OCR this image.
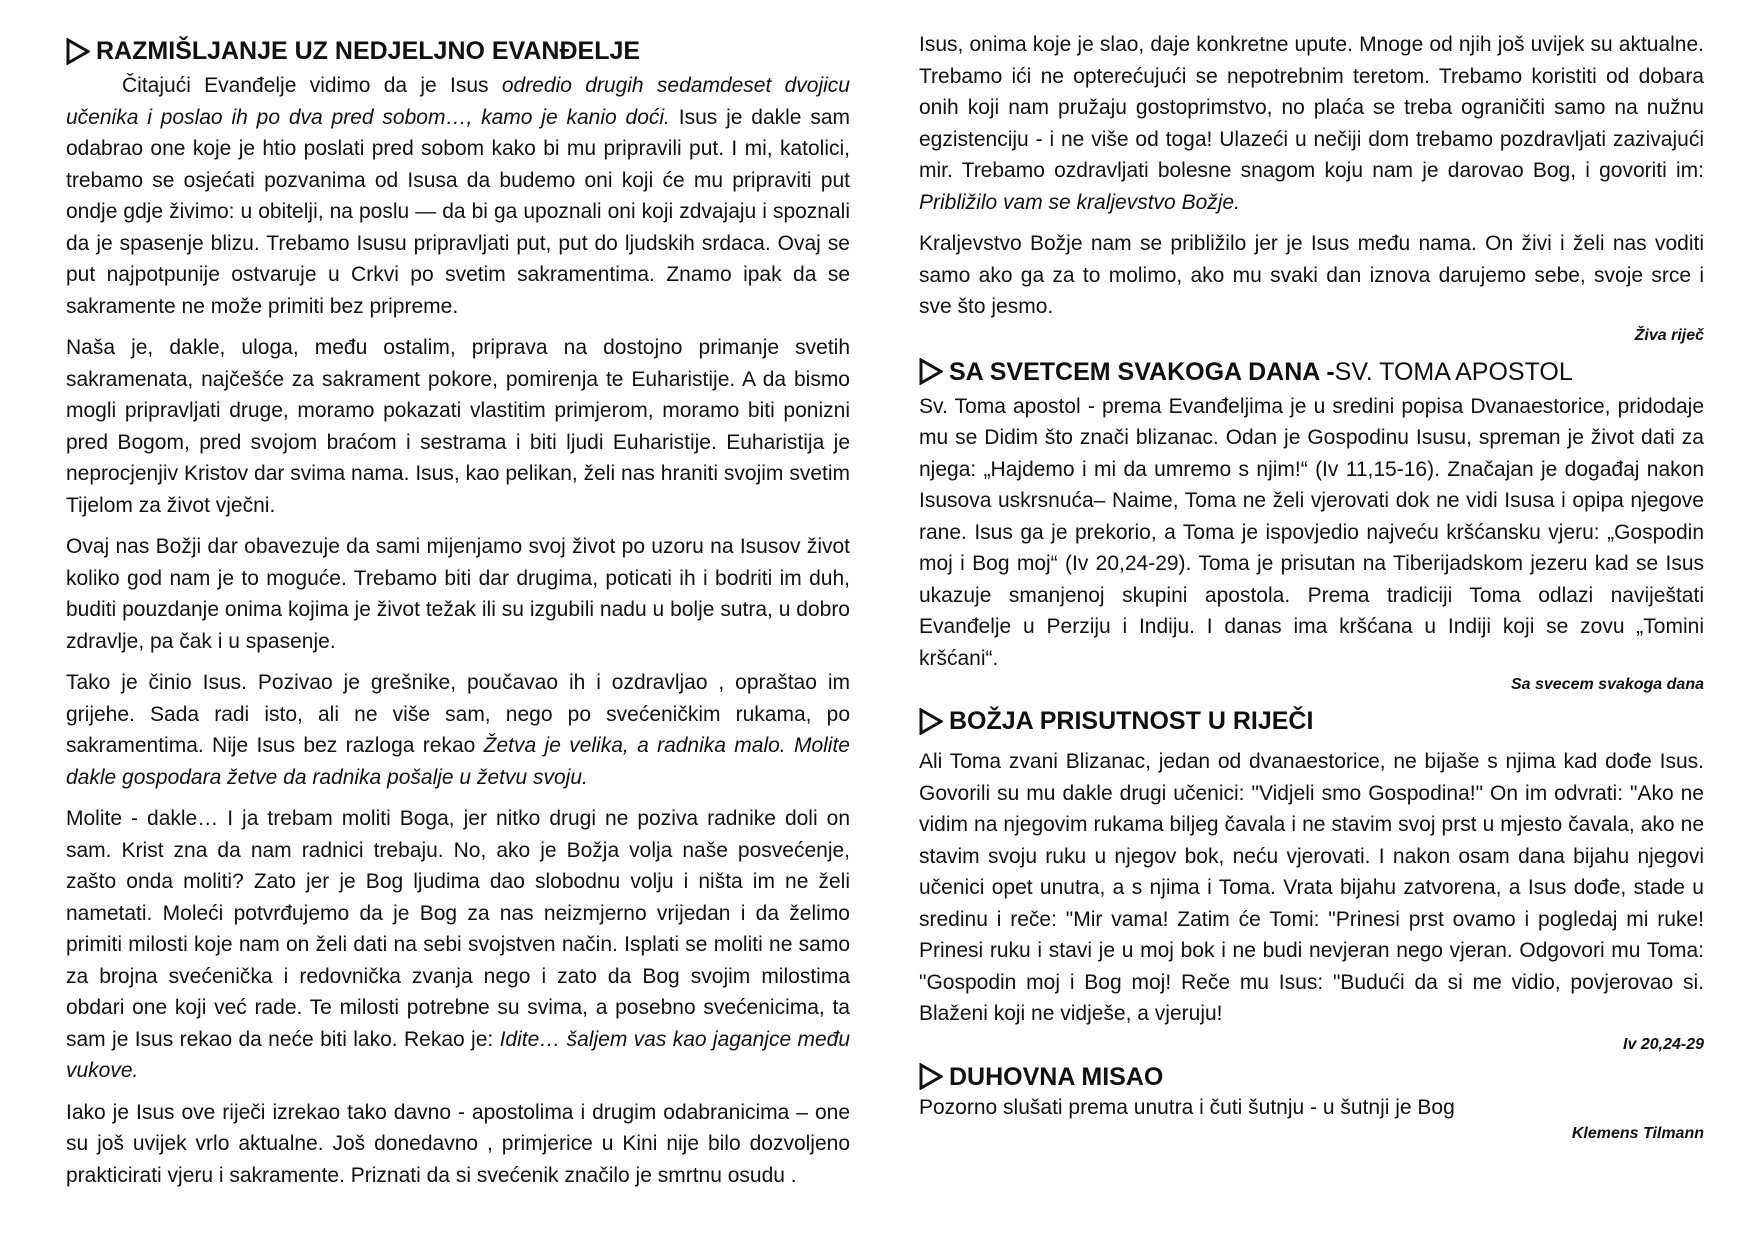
RAZMIŠLJANJE UZ NEDJELJNO EVANĐELJE

Čitajući Evanđelje vidimo da je Isus odredio drugih sedamdeset dvojicu učenika i poslao ih po dva pred sobom…, kamo je kanio doći. Isus je dakle sam odabrao one koje je htio poslati pred sobom kako bi mu pripravili put. I mi, katolici, trebamo se osjećati pozvanima od Isusa da budemo oni koji će mu pripraviti put ondje gdje živimo: u obitelji, na poslu — da bi ga upoznali oni koji zdvajaju i spoznali da je spasenje blizu. Trebamo Isusu pripravljati put, put do ljudskih srdaca. Ovaj se put najpotpunije ostvaruje u Crkvi po svetim sakramentima. Znamo ipak da se sakramente ne može primiti bez pripreme.

Naša je, dakle, uloga, među ostalim, priprava na dostojno primanje svetih sakramenata, najčešće za sakrament pokore, pomirenja te Euharistije. A da bismo mogli pripravljati druge, moramo pokazati vlastitim primjerom, moramo biti ponizni pred Bogom, pred svojom braćom i sestrama i biti ljudi Euharistije. Euharistija je neprocjenjiv Kristov dar svima nama. Isus, kao pelikan, želi nas hraniti svojim svetim Tijelom za život vječni.

Ovaj nas Božji dar obavezuje da sami mijenjamo svoj život po uzoru na Isusov život koliko god nam je to moguće. Trebamo biti dar drugima, poticati ih i bodriti im duh, buditi pouzdanje onima kojima je život težak ili su izgubili nadu u bolje sutra, u dobro zdravlje, pa čak i u spasenje.

Tako je činio Isus. Pozivao je grešnike, poučavao ih i ozdravljao , opraštao im grijehe. Sada radi isto, ali ne više sam, nego po svećeničkim rukama, po sakramentima. Nije Isus bez razloga rekao Žetva je velika, a radnika malo. Molite dakle gospodara žetve da radnika pošalje u žetvu svoju.

Molite - dakle… I ja trebam moliti Boga, jer nitko drugi ne poziva radnike doli on sam. Krist zna da nam radnici trebaju. No, ako je Božja volja naše posvećenje, zašto onda moliti? Zato jer je Bog ljudima dao slobodnu volju i ništa im ne želi nametati. Moleći potvrđujemo da je Bog za nas neizmjerno vrijedan i da želimo primiti milosti koje nam on želi dati na sebi svojstven način. Isplati se moliti ne samo za brojna svećenička i redovnička zvanja nego i zato da Bog svojim milostima obdari one koji već rade. Te milosti potrebne su svima, a posebno svećenicima, ta sam je Isus rekao da neće biti lako. Rekao je: Idite… šaljem vas kao jaganjce među vukove.

Iako je Isus ove riječi izrekao tako davno - apostolima i drugim odabranicima – one su još uvijek vrlo aktualne. Još donedavno , primjerice u Kini nije bilo dozvoljeno prakticirati vjeru i sakramente. Priznati da si svećenik značilo je smrtnu osudu .

Isus, onima koje je slao, daje konkretne upute. Mnoge od njih još uvijek su aktualne. Trebamo ići ne opterećujući se nepotrebnim teretom. Trebamo koristiti od dobara onih koji nam pružaju gostoprimstvo, no plaća se treba ograničiti samo na nužnu egzistenciju - i ne više od toga! Ulazeći u nečiji dom trebamo pozdravljati zazivajući mir. Trebamo ozdravljati bolesne snagom koju nam je darovao Bog, i govoriti im: Približilo vam se kraljevstvo Božje.

Kraljevstvo Božje nam se približilo jer je Isus među nama. On živi i želi nas voditi samo ako ga za to molimo, ako mu svaki dan iznova darujemo sebe, svoje srce i sve što jesmo.

Živa riječ

SA SVETCEM SVAKOGA DANA - SV. TOMA APOSTOL

Sv. Toma apostol - prema Evanđeljima je u sredini popisa Dvanaestorice, pridodaje mu se Didim što znači blizanac. Odan je Gospodinu Isusu, spreman je život dati za njega: „Hajdemo i mi da umremo s njim!“ (Iv 11,15-16). Značajan je događaj nakon Isusova uskrsnuća– Naime, Toma ne želi vjerovati dok ne vidi Isusa i opipa njegove rane. Isus ga je prekorio, a Toma je ispovjedio najveću kršćansku vjeru: „Gospodin moj i Bog moj“ (Iv 20,24-29). Toma je prisutan na Tiberijadskom jezeru kad se Isus ukazuje smanjenoj skupini apostola. Prema tradiciji Toma odlazi naviještati Evanđelje u Perziju i Indiju. I danas ima kršćana u Indiji koji se zovu „Tomini kršćani“.

Sa svecem svakoga dana

BOŽJA PRISUTNOST U RIJEČI

Ali Toma zvani Blizanac, jedan od dvanaestorice, ne bijaše s njima kad dođe Isus. Govorili su mu dakle drugi učenici: "Vidjeli smo Gospodina!" On im odvrati: "Ako ne vidim na njegovim rukama biljeg čavala i ne stavim svoj prst u mjesto čavala, ako ne stavim svoju ruku u njegov bok, neću vjerovati. I nakon osam dana bijahu njegovi učenici opet unutra, a s njima i Toma. Vrata bijahu zatvorena, a Isus dođe, stade u sredinu i reče: "Mir vama! Zatim će Tomi: "Prinesi prst ovamo i pogledaj mi ruke! Prinesi ruku i stavi je u moj bok i ne budi nevjeran nego vjeran. Odgovori mu Toma: "Gospodin moj i Bog moj! Reče mu Isus: "Budući da si me vidio, povjerovao si. Blaženi koji ne vidješe, a vjeruju!

Iv 20,24-29

DUHOVNA MISAO

Pozorno slušati prema unutra i čuti šutnju - u šutnji je Bog

Klemens Tilmann
